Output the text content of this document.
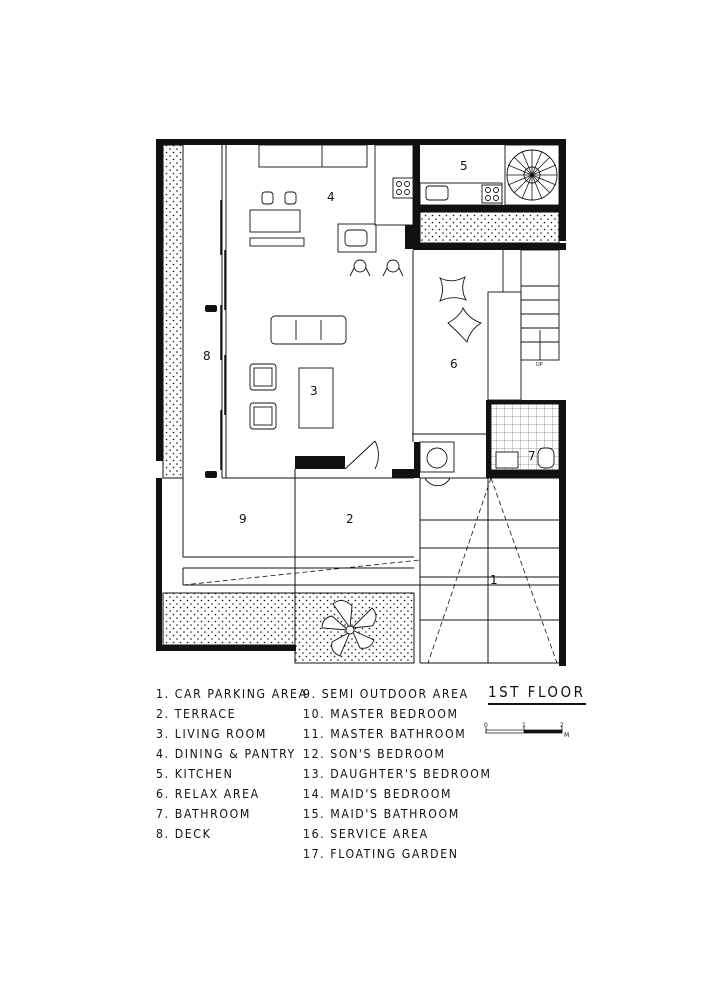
1
2
3
4
5
6
7
8
9
UP
1. CAR PARKING AREA
2. TERRACE
3. LIVING ROOM
4. DINING & PANTRY
5. KITCHEN
6. RELAX AREA
7. BATHROOM
8. DECK
9. SEMI OUTDOOR AREA
10. MASTER BEDROOM
11. MASTER BATHROOM
12. SON'S BEDROOM
13. DAUGHTER'S BEDROOM
14. MAID'S BEDROOM
15. MAID'S BATHROOM
16. SERVICE AREA
17. FLOATING GARDEN
1ST FLOOR
0	1	2
M
